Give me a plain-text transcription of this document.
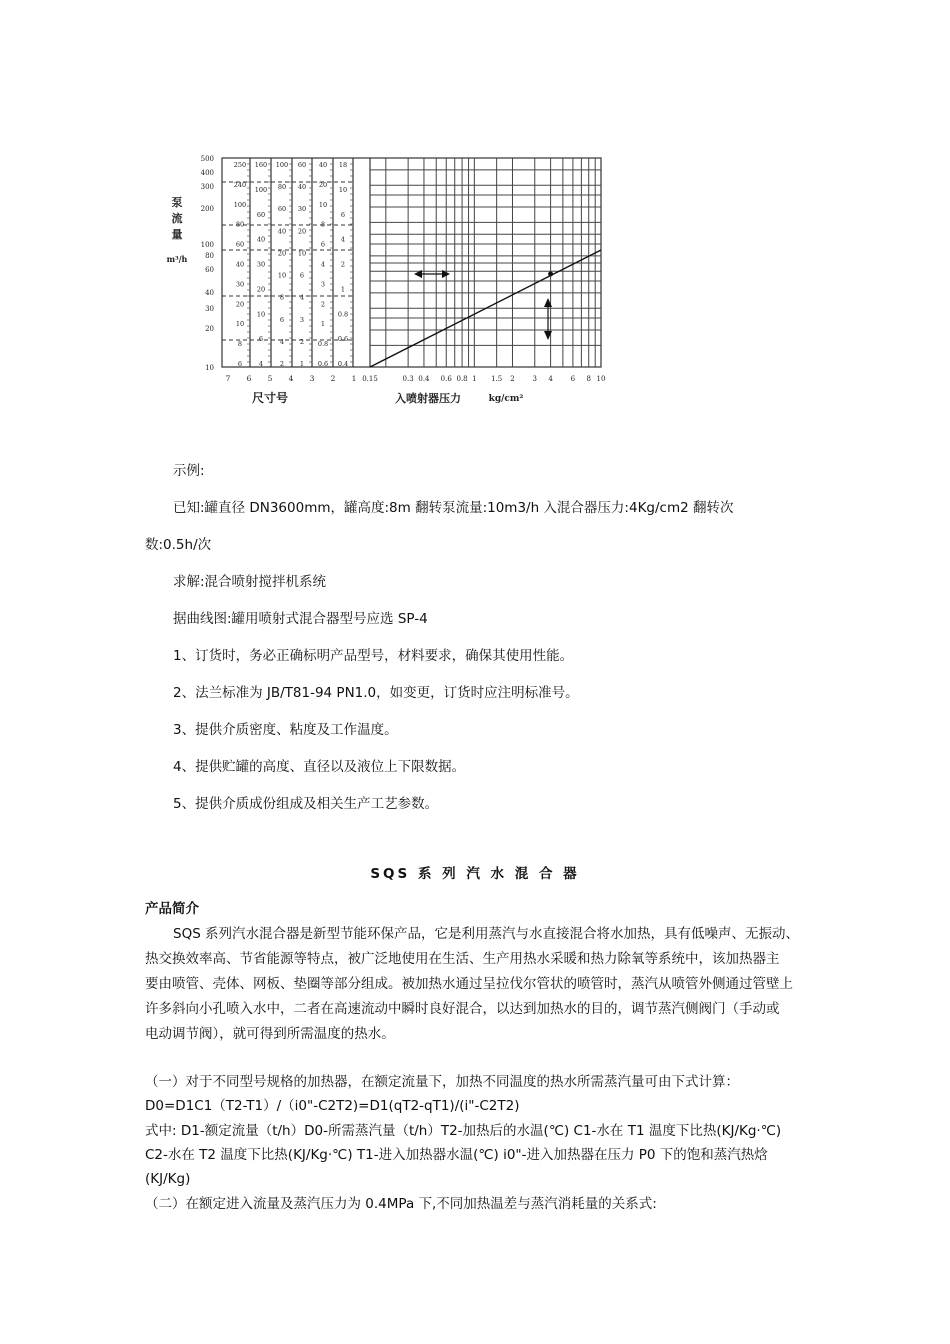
500
400
300
200
100
80
60
40
30
20
10
250
240
100
80
60
40
30
20
10
8
6
160
100
60
40
30
20
10
6
4
100
80
60
40
20
10
8
6
4
2
60
40
30
20
10
6
4
3
2
1
40
20
10
8
6
4
3
2
1
0.8
0.6
18
10
6
4
2
1
0.8
0.6
0.4
7 6 5 4 3 2 1 0.15	0.3 0.4 0.6 0.8 1 1.5 2	3 4	6 8 10
泵
流
量
m³/h
尺寸号	入喷射器压力	kg/cm²
示例:
已知:罐直径 DN3600mm，罐高度:8m 翻转泵流量:10m3/h 入混合器压力:4Kg/cm2 翻转次
数:0.5h/次
求解:混合喷射搅拌机系统
据曲线图:罐用喷射式混合器型号应选 SP-4
1、订货时，务必正确标明产品型号，材料要求，确保其使用性能。
2、法兰标准为 JB/T81-94 PN1.0，如变更，订货时应注明标准号。
3、提供介质密度、粘度及工作温度。
4、提供贮罐的高度、直径以及液位上下限数据。
5、提供介质成份组成及相关生产工艺参数。
SQS 系 列 汽 水 混 合 器
产品简介
SQS 系列汽水混合器是新型节能环保产品，它是利用蒸汽与水直接混合将水加热，具有低噪声、无振动、
热交换效率高、节省能源等特点，被广泛地使用在生活、生产用热水采暖和热力除氧等系统中，该加热器主
要由喷管、壳体、网板、垫圈等部分组成。被加热水通过呈拉伐尔管状的喷管时，蒸汽从喷管外侧通过管壁上
许多斜向小孔喷入水中，二者在高速流动中瞬时良好混合，以达到加热水的目的，调节蒸汽侧阀门（手动或
电动调节阀），就可得到所需温度的热水。
（一）对于不同型号规格的加热器，在额定流量下，加热不同温度的热水所需蒸汽量可由下式计算：
D0=D1C1（T2-T1）/（i0"-C2T2)=D1(qT2-qT1)/(i"-C2T2)
式中: D1-额定流量（t/h）D0-所需蒸汽量（t/h）T2-加热后的水温(℃) C1-水在 T1 温度下比热(KJ/Kg·℃)
C2-水在 T2 温度下比热(KJ/Kg·℃) T1-进入加热器水温(℃) i0"-进入加热器在压力 P0 下的饱和蒸汽热焓
(KJ/Kg)
（二）在额定进入流量及蒸汽压力为 0.4MPa 下,不同加热温差与蒸汽消耗量的关系式:
